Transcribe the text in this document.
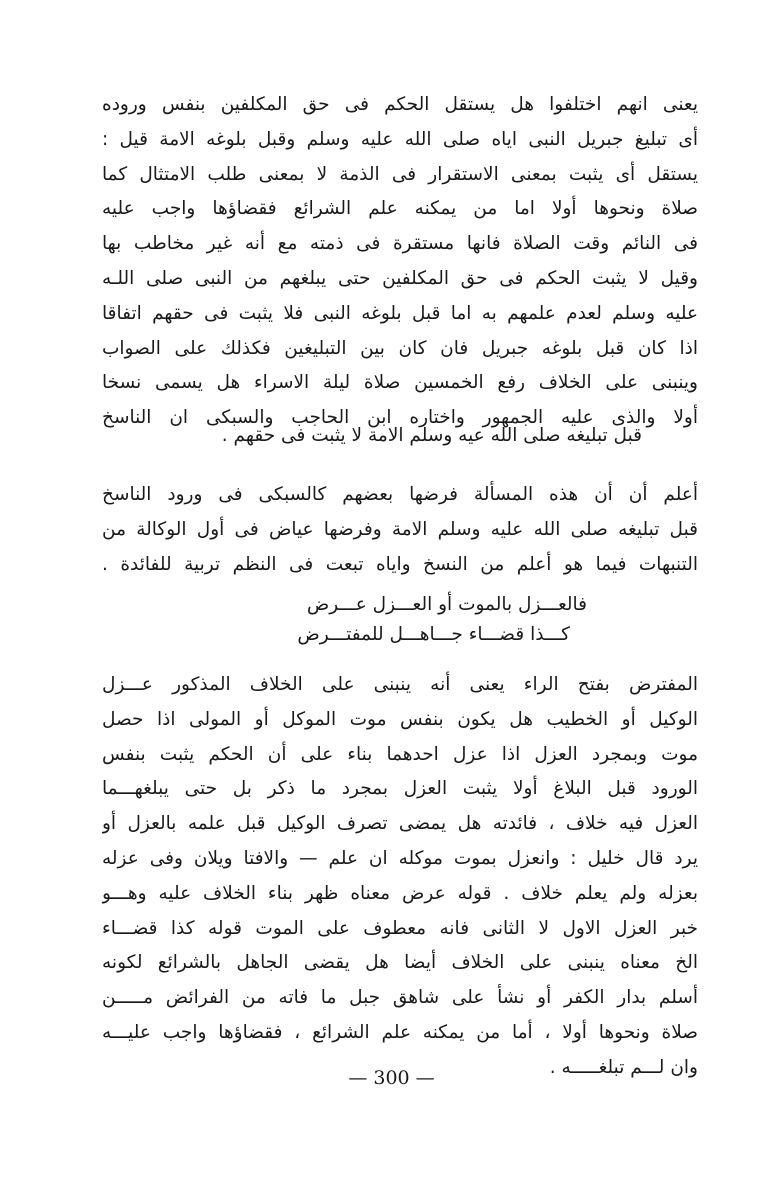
يعنى انهم اختلفوا هل يستقل الحكم فى حق المكلفين بنفس وروده
أى تبليغ جبريل النبى اياه صلى الله عليه وسلم وقبل بلوغه الامة قيل :
يستقل أى يثبت بمعنى الاستقرار فى الذمة لا بمعنى طلب الامتثال كما
صلاة ونحوها أولا اما من يمكنه علم الشرائع فقضاؤها واجب عليه
فى النائم وقت الصلاة فانها مستقرة فى ذمته مع أنه غير مخاطب بها
وقيل لا يثبت الحكم فى حق المكلفين حتى يبلغهم من النبى صلى اللـه
عليه وسلم لعدم علمهم به اما قبل بلوغه النبى فلا يثبت فى حقهم اتفاقا
اذا كان قبل بلوغه جبريل فان كان بين التبليغين فكذلك على الصواب
وينبنى على الخلاف رفع الخمسين صلاة ليلة الاسراء هل يسمى نسخا
أولا والذى عليه الجمهور واختاره ابن الحاجب والسبكى ان الناسخ
قبل تبليغه صلى الله عيه وسلم الامة لا يثبت فى حقهم .
أعلم أن أن هذه المسألة فرضها بعضهم كالسبكى فى ورود الناسخ
قبل تبليغه صلى الله عليه وسلم الامة وفرضها عياض فى أول الوكالة من
التنبهات فيما هو أعلم من النسخ واياه تبعت فى النظم تربية للفائدة .
فالعـــزل بالموت أو العـــزل عـــرض
كـــذا قضـــاء جـــاهـــل للمفتـــرض
المفترض بفتح الراء يعنى أنه ينبنى على الخلاف المذكور عـــزل
الوكيل أو الخطيب هل يكون بنفس موت الموكل أو المولى اذا حصل
موت وبمجرد العزل اذا عزل احدهما بناء على أن الحكم يثبت بنفس
الورود قبل البلاغ أولا يثبت العزل بمجرد ما ذكر بل حتى يبلغهـــما
العزل فيه خلاف ، فائدته هل يمضى تصرف الوكيل قبل علمه بالعزل أو
يرد قال خليل : وانعزل بموت موكله ان علم — والافتا ويلان وفى عزله
بعزله ولم يعلم خلاف . قوله عرض معناه ظهر بناء الخلاف عليه وهـــو
خبر العزل الاول لا الثانى فانه معطوف على الموت قوله كذا قضـــاء
الخ معناه ينبنى على الخلاف أيضا هل يقضى الجاهل بالشرائع لكونه
أسلم بدار الكفر أو نشأ على شاهق جبل ما فاته من الفرائض مـــــن
صلاة ونحوها أولا ، أما من يمكنه علم الشرائع ، فقضاؤها واجب عليـــه
وان لـــم تبلغـــــه .
— 300 —
